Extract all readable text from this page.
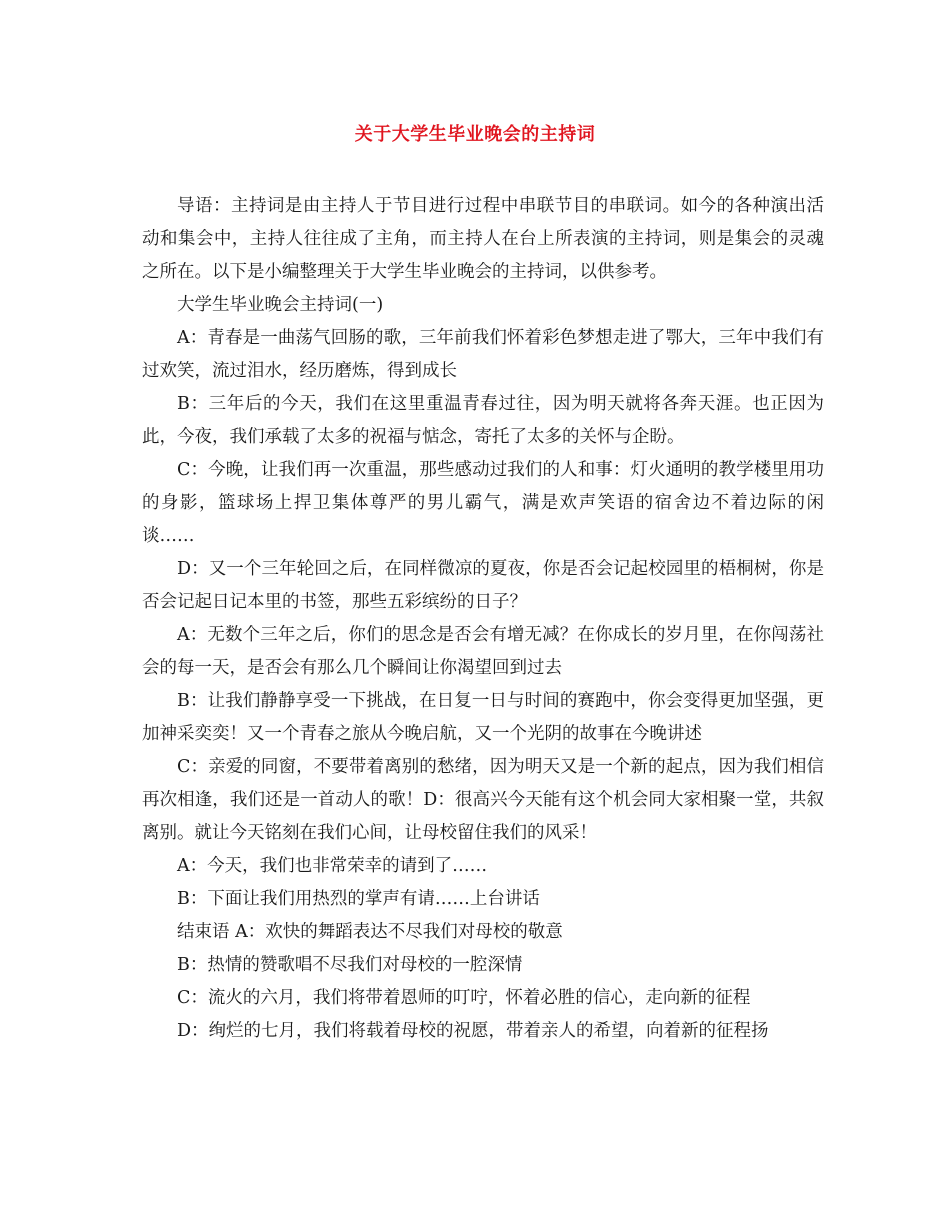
关于大学生毕业晚会的主持词

导语：主持词是由主持人于节目进行过程中串联节目的串联词。如今的各种演出活动和集会中，主持人往往成了主角，而主持人在台上所表演的主持词，则是集会的灵魂之所在。以下是小编整理关于大学生毕业晚会的主持词，以供参考。

大学生毕业晚会主持词(一)

A：青春是一曲荡气回肠的歌，三年前我们怀着彩色梦想走进了鄂大，三年中我们有过欢笑，流过泪水，经历磨炼，得到成长

B：三年后的今天，我们在这里重温青春过往，因为明天就将各奔天涯。也正因为此，今夜，我们承载了太多的祝福与惦念，寄托了太多的关怀与企盼。

C：今晚，让我们再一次重温，那些感动过我们的人和事：灯火通明的教学楼里用功的身影，篮球场上捍卫集体尊严的男儿霸气，满是欢声笑语的宿舍边不着边际的闲谈……

D：又一个三年轮回之后，在同样微凉的夏夜，你是否会记起校园里的梧桐树，你是否会记起日记本里的书签，那些五彩缤纷的日子？

A：无数个三年之后，你们的思念是否会有增无减？在你成长的岁月里，在你闯荡社会的每一天，是否会有那么几个瞬间让你渴望回到过去

B：让我们静静享受一下挑战，在日复一日与时间的赛跑中，你会变得更加坚强，更加神采奕奕！又一个青春之旅从今晚启航，又一个光阴的故事在今晚讲述

C：亲爱的同窗，不要带着离别的愁绪，因为明天又是一个新的起点，因为我们相信再次相逢，我们还是一首动人的歌！D：很高兴今天能有这个机会同大家相聚一堂，共叙离别。就让今天铭刻在我们心间，让母校留住我们的风采！

A：今天，我们也非常荣幸的请到了……

B：下面让我们用热烈的掌声有请……上台讲话

结束语 A：欢快的舞蹈表达不尽我们对母校的敬意

B：热情的赞歌唱不尽我们对母校的一腔深情

C：流火的六月，我们将带着恩师的叮咛，怀着必胜的信心，走向新的征程

D：绚烂的七月，我们将载着母校的祝愿，带着亲人的希望，向着新的征程扬
